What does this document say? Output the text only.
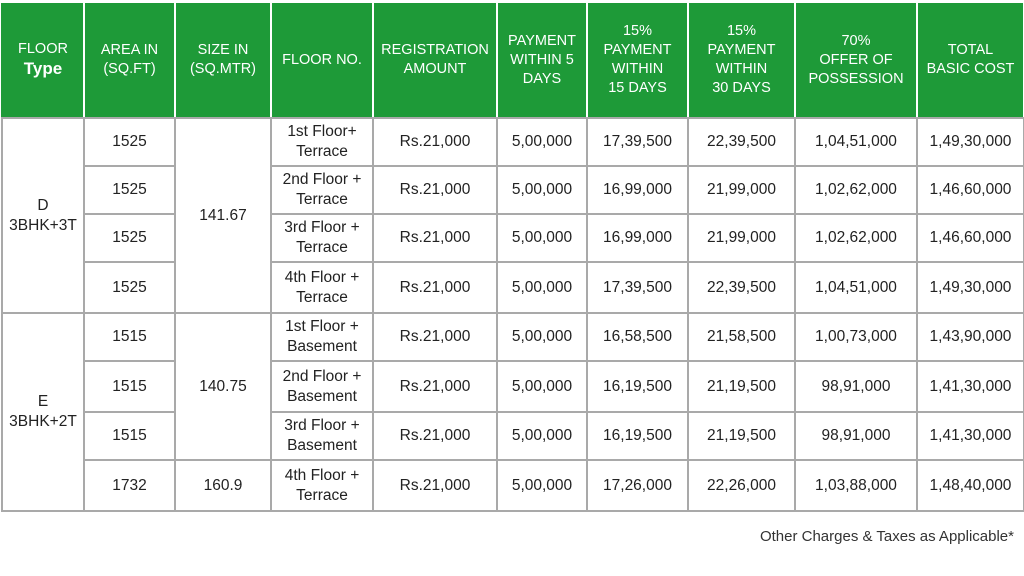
FLOOR
Type	AREA IN
(SQ.FT)	SIZE IN
(SQ.MTR)	FLOOR NO.	REGISTRATION
AMOUNT	PAYMENT
WITHIN 5
DAYS	15%
PAYMENT
WITHIN
15 DAYS	15%
PAYMENT
WITHIN
30 DAYS	70%
OFFER OF
POSSESSION	TOTAL
BASIC COST
D
3BHK+3T	1525	141.67	1st Floor+
Terrace	Rs.21,000	5,00,000	17,39,500	22,39,500	1,04,51,000	1,49,30,000
	1525		2nd Floor +
Terrace	Rs.21,000	5,00,000	16,99,000	21,99,000	1,02,62,000	1,46,60,000
	1525		3rd Floor +
Terrace	Rs.21,000	5,00,000	16,99,000	21,99,000	1,02,62,000	1,46,60,000
	1525		4th Floor +
Terrace	Rs.21,000	5,00,000	17,39,500	22,39,500	1,04,51,000	1,49,30,000
E
3BHK+2T	1515	140.75	1st Floor +
Basement	Rs.21,000	5,00,000	16,58,500	21,58,500	1,00,73,000	1,43,90,000
	1515		2nd Floor +
Basement	Rs.21,000	5,00,000	16,19,500	21,19,500	98,91,000	1,41,30,000
	1515		3rd Floor +
Basement	Rs.21,000	5,00,000	16,19,500	21,19,500	98,91,000	1,41,30,000
	1732	160.9	4th Floor +
Terrace	Rs.21,000	5,00,000	17,26,000	22,26,000	1,03,88,000	1,48,40,000
Other Charges & Taxes as Applicable*
